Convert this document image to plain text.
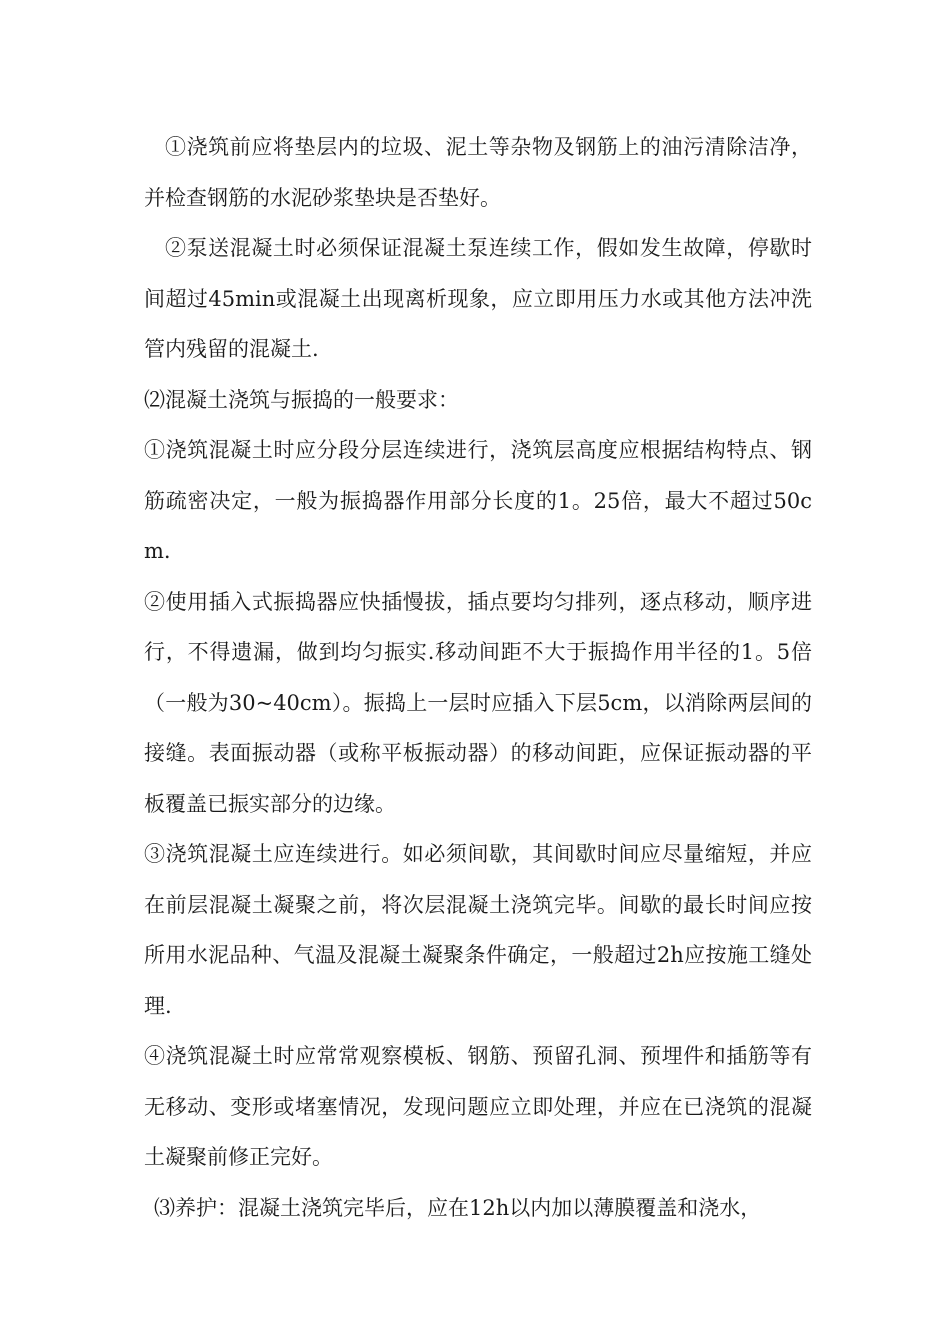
①浇筑前应将垫层内的垃圾、泥土等杂物及钢筋上的油污清除洁净，并检查钢筋的水泥砂浆垫块是否垫好。

②泵送混凝土时必须保证混凝土泵连续工作，假如发生故障，停歇时间超过45min或混凝土出现离析现象，应立即用压力水或其他方法冲洗管内残留的混凝土.

⑵混凝土浇筑与振捣的一般要求：

①浇筑混凝土时应分段分层连续进行，浇筑层高度应根据结构特点、钢筋疏密决定，一般为振捣器作用部分长度的1。25倍，最大不超过50cm.

②使用插入式振捣器应快插慢拔，插点要均匀排列，逐点移动，顺序进行，不得遗漏，做到均匀振实.移动间距不大于振捣作用半径的1。5倍（一般为30~40cm）。振捣上一层时应插入下层5cm，以消除两层间的接缝。表面振动器（或称平板振动器）的移动间距，应保证振动器的平板覆盖已振实部分的边缘。

③浇筑混凝土应连续进行。如必须间歇，其间歇时间应尽量缩短，并应在前层混凝土凝聚之前，将次层混凝土浇筑完毕。间歇的最长时间应按所用水泥品种、气温及混凝土凝聚条件确定，一般超过2h应按施工缝处理.

④浇筑混凝土时应常常观察模板、钢筋、预留孔洞、预埋件和插筋等有无移动、变形或堵塞情况，发现问题应立即处理，并应在已浇筑的混凝土凝聚前修正完好。

⑶养护：混凝土浇筑完毕后，应在12h以内加以薄膜覆盖和浇水，
